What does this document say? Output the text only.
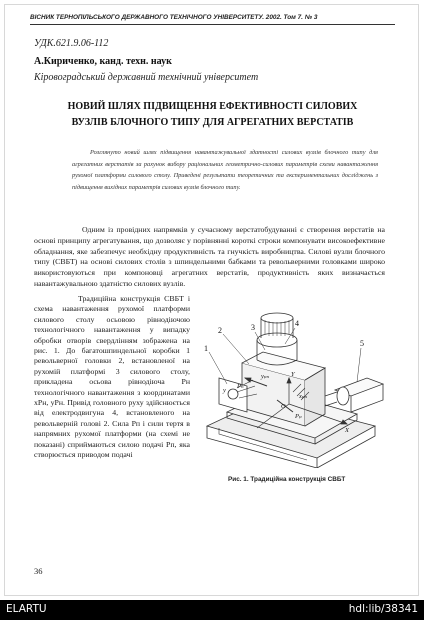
ВІСНИК ТЕРНОПІЛЬСЬКОГО ДЕРЖАВНОГО ТЕХНІЧНОГО УНІВЕРСИТЕТУ. 2002. Том 7. № 3
УДК.621.9.06-112
А.Кириченко, канд. техн. наук
Кіровоградський державний технічний університет
НОВИЙ ШЛЯХ ПІДВИЩЕННЯ ЕФЕКТИВНОСТІ СИЛОВИХ
ВУЗЛІВ БЛОЧНОГО ТИПУ ДЛЯ АГРЕГАТНИХ ВЕРСТАТІВ

Розглянуто новий шлях підвищення навантажувальної здатності силових вузлів блочного типу для агрегатних верстатів за рахунок вибору раціональних геометрично-силових параметрів схеми навантаження рухомої платформи силового столу. Приведені результати теоретичних та експериментальних досліджень з підвищення вихідних параметрів силових вузлів блочного типу.

Одним із провідних напрямків у сучасному верстатобудуванні є створення верстатів на основі принципу агрегатування, що дозволяє у порівнянні короткі строки компонувати високоефективне обладнання, яке забезпечує необхідну продуктивність та гнучкість виробництва. Силові вузли блочного типу (СВБТ) на основі силових столів з шпиндельними бабками та револьверними головками широко використовуються при компоновці агрегатних верстатів, продуктивність яких визначається навантажувальною здатністю силових вузлів.

Традиційна конструкція СВБТ і схема навантаження рухомої платформи силового столу осьовою рівнодіючою технологічного навантаження у випадку обробки отворів свердлінням зображена на рис. 1. До багатошпиндельної коробки 1 револьверної головки 2, встановленої на рухомій платформі 3 силового столу, прикладена осьова рівнодіюча Рн технологічного навантаження з координатами xPн, yPн. Привід головного руху здійснюється від електродвигуна 4, встановленого на револьверній голові 2. Сила Рп і сили тертя в напрямних рухомої платформи (на схемі не показані) сприймаються силою подачі Рп, яка створюється приводом подачі

1
2	3	4
5
yₚₙ
xₚₙ
Pₙ
Pₚ
Y
X
O
y
Рис. 1. Традиційна конструкція СВБТ
36
ELARTU	hdl:lib/38341
